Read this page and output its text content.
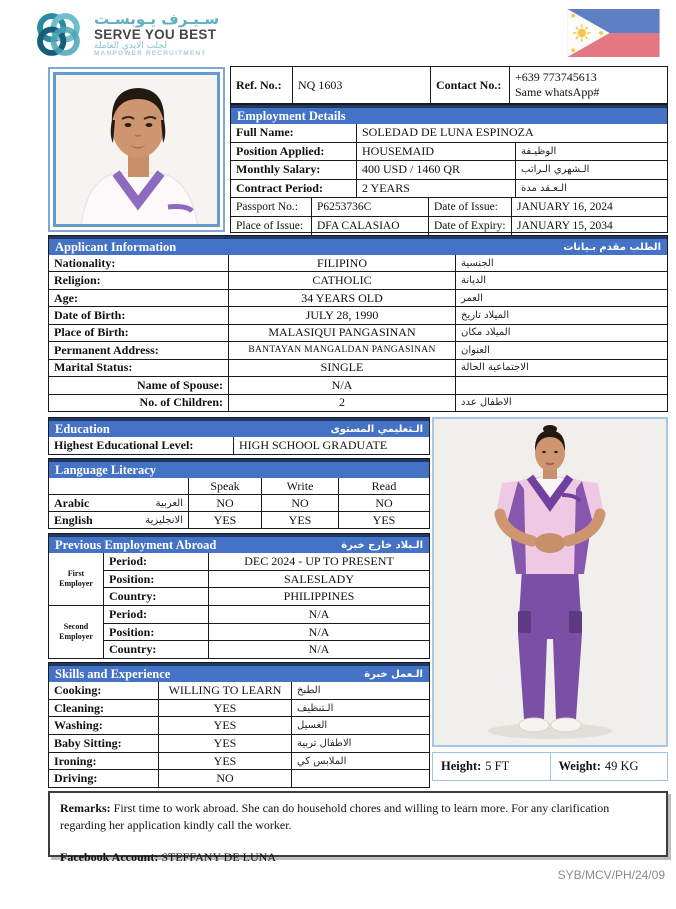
سـيـرف يـوبسـت
SERVE YOU BEST
لجلب الايدي العاملة
MANPOWER RECRUITMENT
Ref. No.:	NQ 1603	Contact No.:
+639 773745613
Same whatsApp#
Employment Details
Full Name:	SOLEDAD DE LUNA ESPINOZA
Position Applied:	HOUSEMAID	الوظيـفة
Monthly Salary:	400 USD / 1460 QR	الـشهري الـراتب
Contract Period:	2 YEARS	الـعـقد مدة
Passport No.:	P6253736C	Date of Issue:	JANUARY 16, 2024
Place of Issue:	DFA CALASIAO	Date of Expiry: JANUARY 15, 2034
Applicant Information	الطلب مقدم بـيانات
Nationality:	FILIPINO	الجنسية
Religion:	CATHOLIC	الديانة
Age:	34 YEARS OLD	العمر
Date of Birth:	JULY 28, 1990	الميلاد تاريخ
Place of Birth:	MALASIQUI PANGASINAN	الميلاد مكان
Permanent Address:	BANTAYAN MANGALDAN PANGASINAN	العنوان
Marital Status:	SINGLE	الاجتماعية الحالة
Name of Spouse:	N/A
No. of Children:	2	الاطفال عدد
Education	الـتعليمي المستوى
Highest Educational Level:	HIGH SCHOOL GRADUATE
Language Literacy
Speak	Write	Read
Arabic	العربية	NO	NO	NO
English	الانجليزية	YES	YES	YES
Previous Employment Abroad	الـبلاد خارج خبرة
First Employer
Period:	DEC 2024 - UP TO PRESENT
Position:	SALESLADY
Country:	PHILIPPINES
Second Employer
Period:	N/A
Position:	N/A
Country:	N/A
Skills and Experience	الـعمل خبرة
Cooking:	WILLING TO LEARN	الطبخ
Cleaning:	YES	الـتنظيف
Washing:	YES	الغسيل
Baby Sitting:	YES	الاطفال تربية
Ironing:	YES	الملابس كي
Driving:	NO
Height: 5 FT	Weight: 49 KG
Remarks: First time to work abroad. She can do household chores and willing to learn more. For any clarification regarding her application kindly call the worker.
Facebook Account: STEFFANY DE LUNA
SYB/MCV/PH/24/09
